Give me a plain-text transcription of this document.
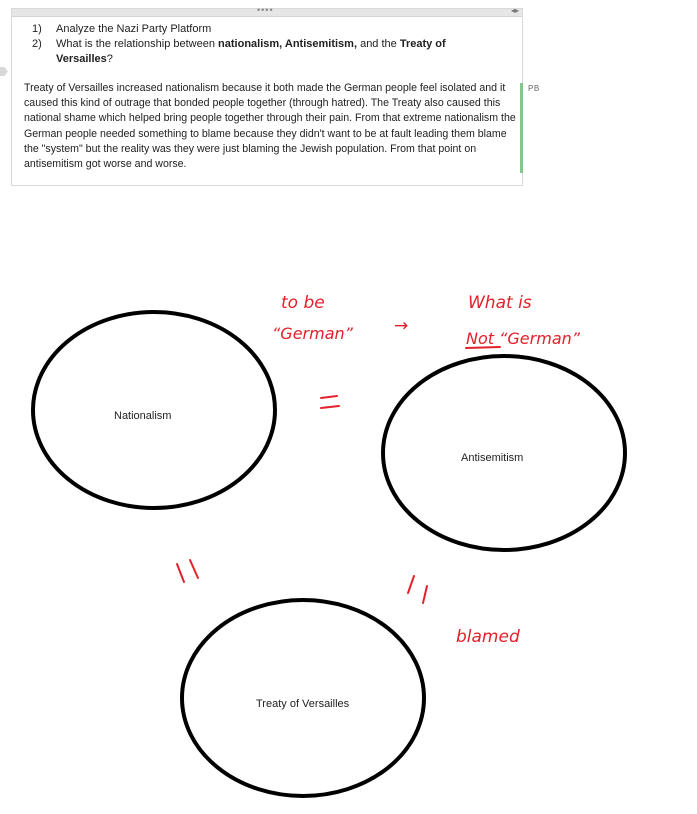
••••	◂▸
1) Analyze the Nazi Party Platform
2) What is the relationship between nationalism, Antisemitism, and the Treaty of Versailles?

Treaty of Versailles increased nationalism because it both made the German people feel isolated and it caused this kind of outrage that bonded people together (through hatred). The Treaty also caused this national shame which helped bring people together through their pain. From that extreme nationalism the German people needed something to blame because they didn't want to be at fault leading them blame the "system" but the reality was they were just blaming the Jewish population. From that point on antisemitism got worse and worse.

PB
to be
“German” →
What is
Not “German”
blamed
Nationalism
Antisemitism
Treaty of Versailles
